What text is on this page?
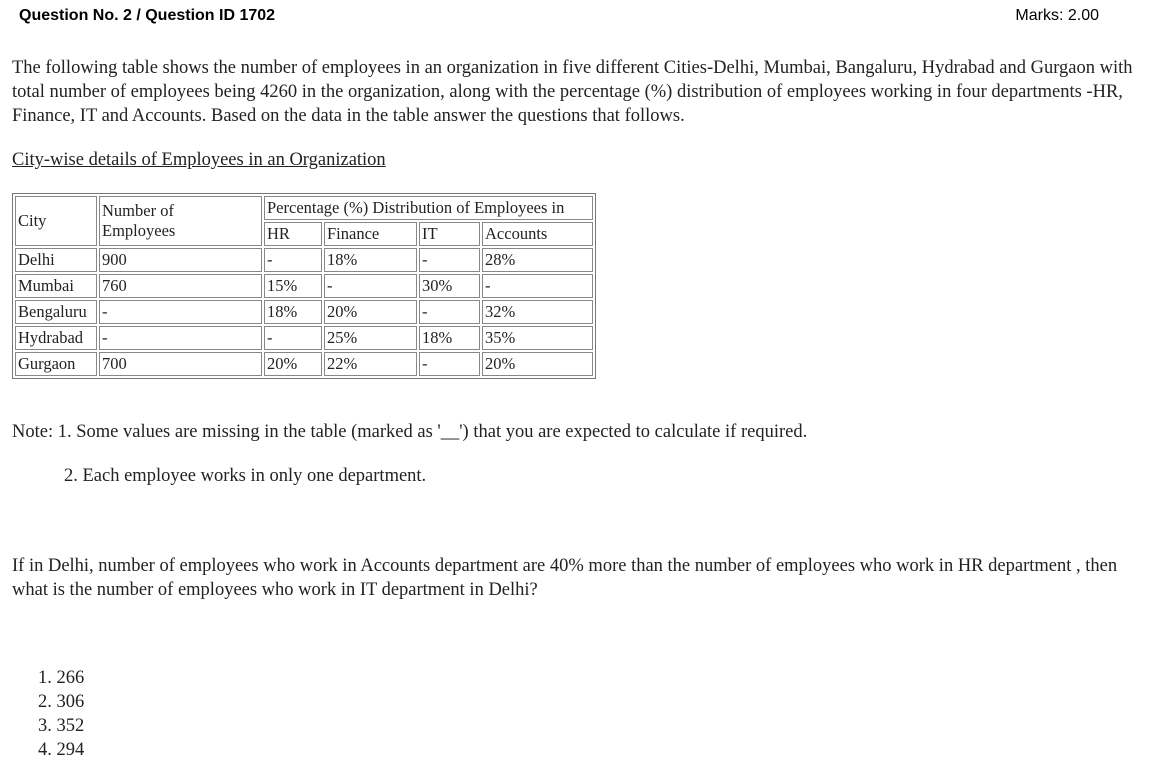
Question No. 2 / Question ID 1702	Marks: 2.00
The following table shows the number of employees in an organization in five different Cities-Delhi, Mumbai, Bangaluru, Hydrabad and Gurgaon with total number of employees being 4260 in the organization, along with the percentage (%) distribution of employees working in four departments -HR, Finance, IT and Accounts. Based on the data in the table answer the questions that follows.
City-wise details of Employees in an Organization
City	Number of Employees	Percentage (%) Distribution of Employees in			

		HR	Finance	IT	Accounts
Delhi	900	-	18%	-	28%
Mumbai	760	15%	-	30%	-
Bengaluru	-	18%	20%	-	32%
Hydrabad	-	-	25%	18%	35%
Gurgaon	700	20%	22%	-	20%
Note: 1. Some values are missing in the table (marked as '__') that you are expected to calculate if required.
2. Each employee works in only one department.
If in Delhi, number of employees who work in Accounts department are 40% more than the number of employees who work in HR department , then what is the number of employees who work in IT department in Delhi?
1. 266
2. 306
3. 352
4. 294
